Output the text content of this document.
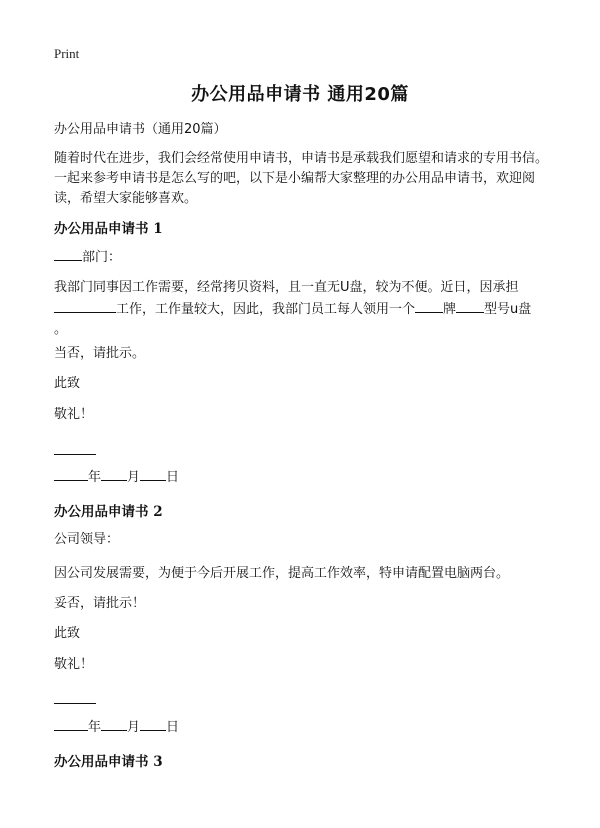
Print
办公用品申请书 通用20篇

办公用品申请书（通用20篇）

随着时代在进步，我们会经常使用申请书，申请书是承载我们愿望和请求的专用书信。一起来参考申请书是怎么写的吧，以下是小编帮大家整理的办公用品申请书，欢迎阅读，希望大家能够喜欢。

办公用品申请书 1

部门：

我部门同事因工作需要，经常拷贝资料，且一直无U盘，较为不便。近日，因承担
工作，工作量较大，因此，我部门员工每人领用一个 牌 型号u盘
。

当否，请批示。

此致

敬礼！

年 月 日

办公用品申请书 2

公司领导：

因公司发展需要，为便于今后开展工作，提高工作效率，特申请配置电脑两台。

妥否，请批示！

此致

敬礼！

年 月 日

办公用品申请书 3
